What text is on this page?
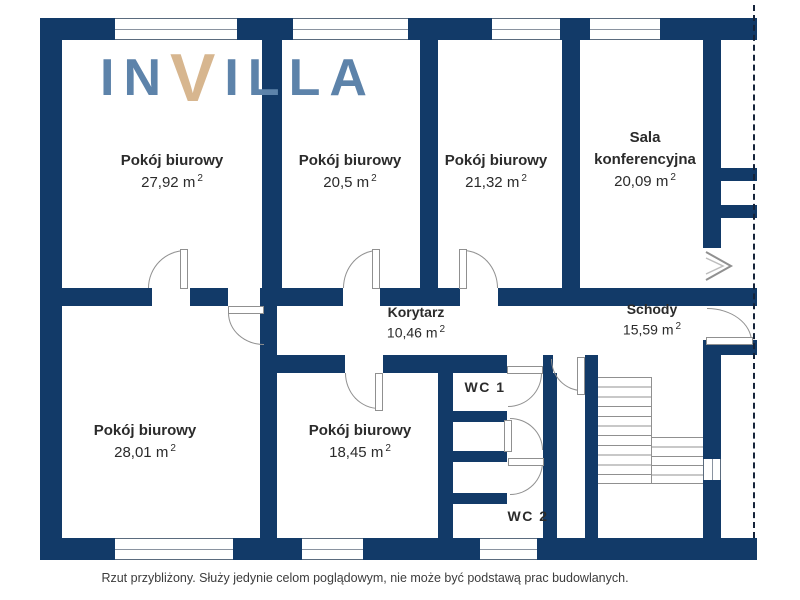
INVILLA
Pokój biurowy
27,92 m $^2$
Pokój biurowy
20,5 m $^2$
Pokój biurowy
21,32 m $^2$
Sala konferencyjna
20,09 m $^2$
Korytarz
10,46 m $^2$
Schody
15,59 m $^2$
WC 1
Pokój biurowy
28,01 m $^2$
Pokój biurowy
18,45 m $^2$
WC 2
Rzut przybliżony. Służy jedynie celom poglądowym, nie może być podstawą prac budowlanych.
